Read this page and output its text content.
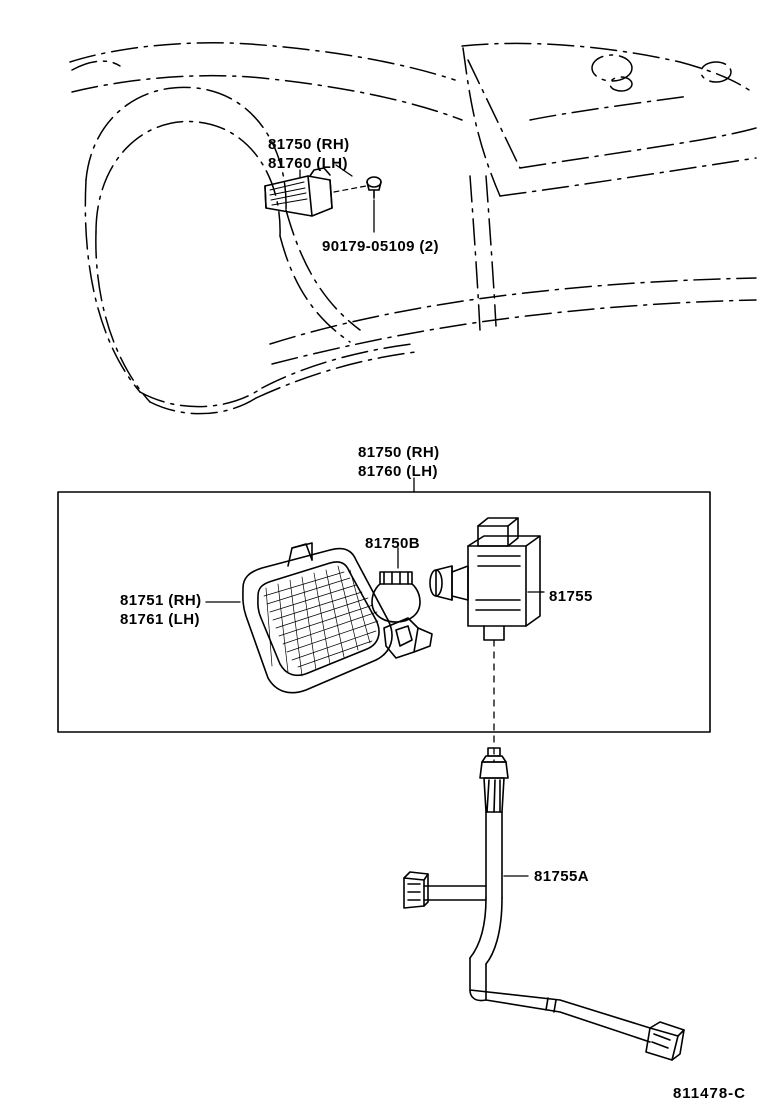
81750 (RH)
81760 (LH)
90179-05109 (2)
81750 (RH)
81760 (LH)
81750B
81755
81751 (RH)
81761 (LH)
81755A
811478-C
